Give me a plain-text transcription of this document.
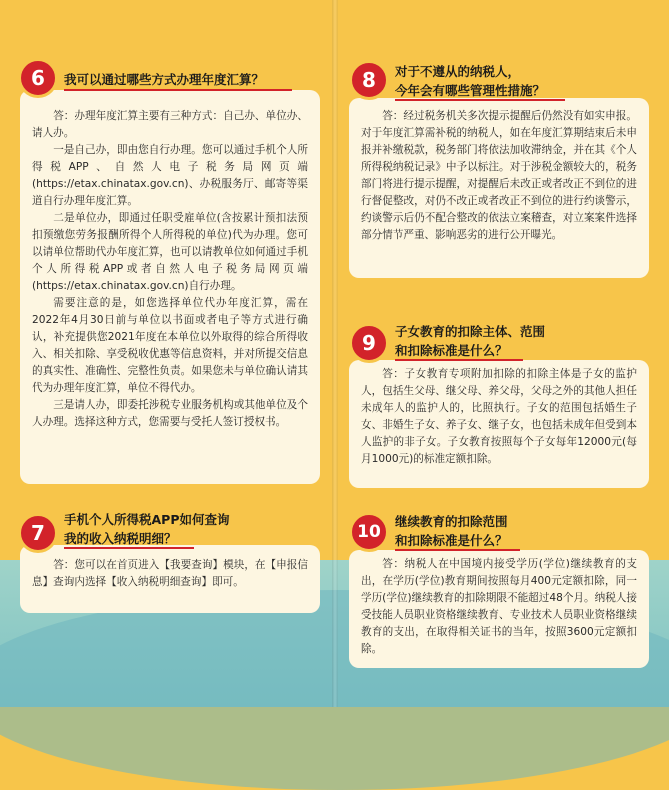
答：办理年度汇算主要有三种方式：自己办、单位办、请人办。

一是自己办，即由您自行办理。您可以通过手机个人所得税APP、自然人电子税务局网页端(https://etax.chinatax.gov.cn)、办税服务厅、邮寄等渠道自行办理年度汇算。

二是单位办，即通过任职受雇单位(含按累计预扣法预扣预缴您劳务报酬所得个人所得税的单位)代为办理。您可以请单位帮助代办年度汇算，也可以请教单位如何通过手机个人所得税APP或者自然人电子税务局网页端(https://etax.chinatax.gov.cn)自行办理。

需要注意的是，如您选择单位代办年度汇算，需在2022年4月30日前与单位以书面或者电子等方式进行确认，补充提供您2021年度在本单位以外取得的综合所得收入、相关扣除、享受税收优惠等信息资料，并对所提交信息的真实性、准确性、完整性负责。如果您未与单位确认请其代为办理年度汇算，单位不得代办。

三是请人办，即委托涉税专业服务机构或其他单位及个人办理。选择这种方式，您需要与受托人签订授权书。

6 我可以通过哪些方式办理年度汇算？

答：您可以在首页进入【我要查询】模块，在【申报信息】查询内选择【收入纳税明细查询】即可。

7
手机个人所得税APP如何查询
我的收入纳税明细？

答：经过税务机关多次提示提醒后仍然没有如实申报。对于年度汇算需补税的纳税人，如在年度汇算期结束后未申报并补缴税款，税务部门将依法加收滞纳金，并在其《个人所得税纳税记录》中予以标注。对于涉税金额较大的，税务部门将进行提示提醒，对提醒后未改正或者改正不到位的进行督促整改，对仍不改正或者改正不到位的进行约谈警示，约谈警示后仍不配合整改的依法立案稽查，对立案案件选择部分情节严重、影响恶劣的进行公开曝光。

8 对于不遵从的纳税人，
今年会有哪些管理性措施？

答：子女教育专项附加扣除的扣除主体是子女的监护人，包括生父母、继父母、养父母，父母之外的其他人担任未成年人的监护人的，比照执行。子女的范围包括婚生子女、非婚生子女、养子女、继子女，也包括未成年但受到本人监护的非子女。子女教育按照每个子女每年12000元(每月1000元)的标准定额扣除。

9 子女教育的扣除主体、范围
和扣除标准是什么？

答：纳税人在中国境内接受学历(学位)继续教育的支出，在学历(学位)教育期间按照每月400元定额扣除，同一学历(学位)继续教育的扣除期限不能超过48个月。纳税人接受技能人员职业资格继续教育、专业技术人员职业资格继续教育的支出，在取得相关证书的当年，按照3600元定额扣除。

10
继续教育的扣除范围
和扣除标准是什么？
